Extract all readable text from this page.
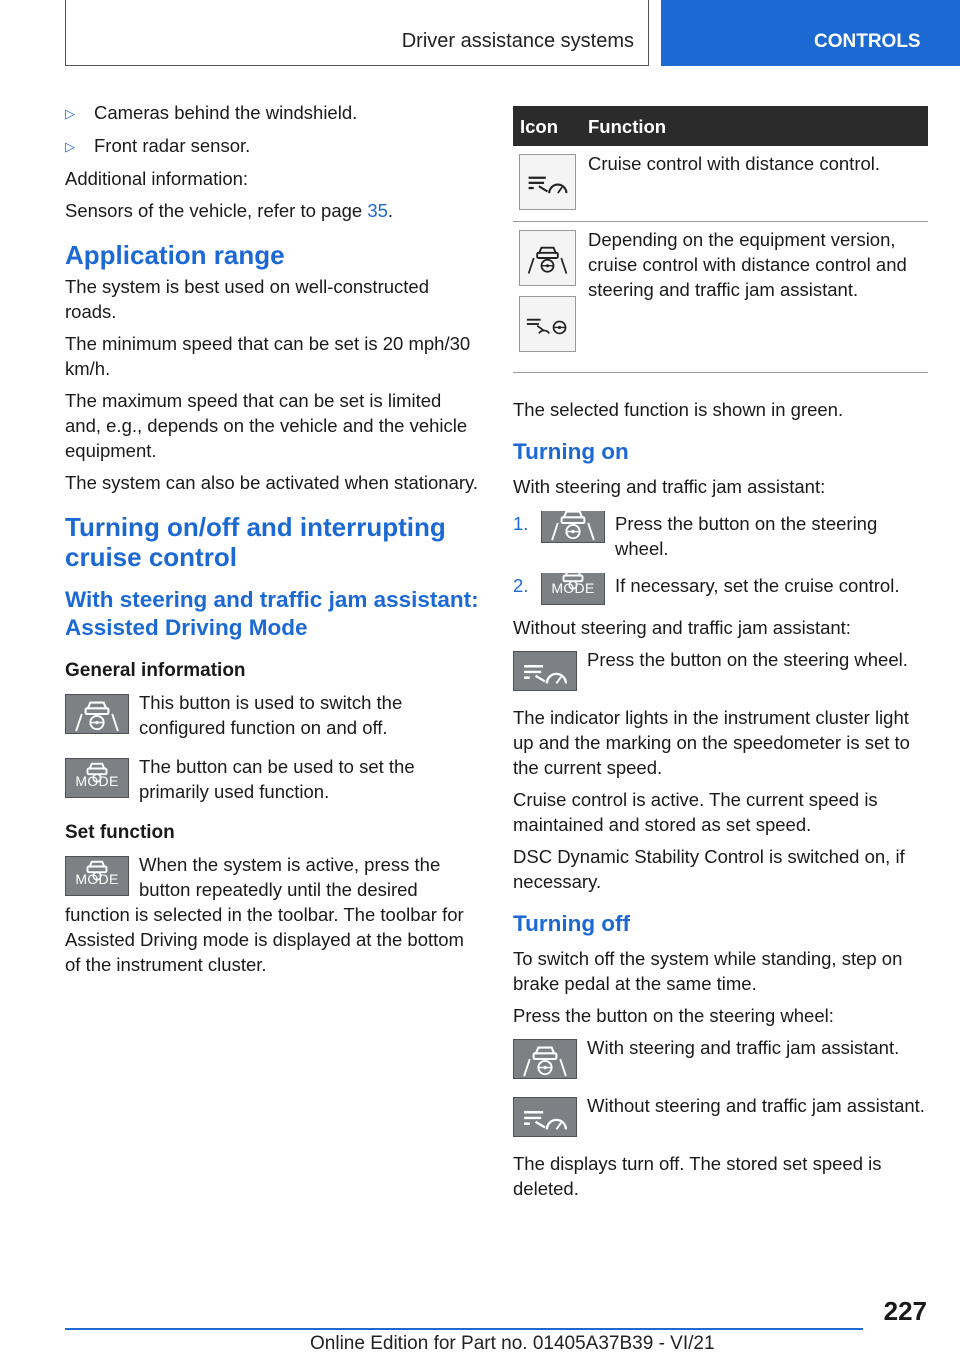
Driver assistance systems	CONTROLS
▷	Cameras behind the windshield.
▷	Front radar sensor.

Additional information:

Sensors of the vehicle, refer to page 35.

Application range

The system is best used on well-constructed roads.

The minimum speed that can be set is 20 mph/30 km/h.

The maximum speed that can be set is limited and, e.g., depends on the vehicle and the vehicle equipment.

The system can also be activated when stationary.

Turning on/off and interrupting cruise control
With steering and traffic jam assistant: Assisted Driving Mode
General information
This button is used to switch the configured function on and off.
MODE
The button can be used to set the primarily used function.
Set function
MODE
When the system is active, press the button repeatedly until the desired function is selected in the toolbar. The toolbar for Assisted Driving mode is displayed at the bottom of the instrument cluster.
Icon	Function
Cruise control with distance control.
Depending on the equipment version, cruise control with distance control and steering and traffic jam assistant.

The selected function is shown in green.

Turning on

With steering and traffic jam assistant:

1.	Press the button on the steering wheel.
2.	MODE	If necessary, set the cruise control.

Without steering and traffic jam assistant:

Press the button on the steering wheel.

The indicator lights in the instrument cluster light up and the marking on the speedometer is set to the current speed.

Cruise control is active. The current speed is maintained and stored as set speed.

DSC Dynamic Stability Control is switched on, if necessary.

Turning off

To switch off the system while standing, step on brake pedal at the same time.

Press the button on the steering wheel:

With steering and traffic jam assistant.
Without steering and traffic jam assistant.

The displays turn off. The stored set speed is deleted.

227
Online Edition for Part no. 01405A37B39 - VI/21
